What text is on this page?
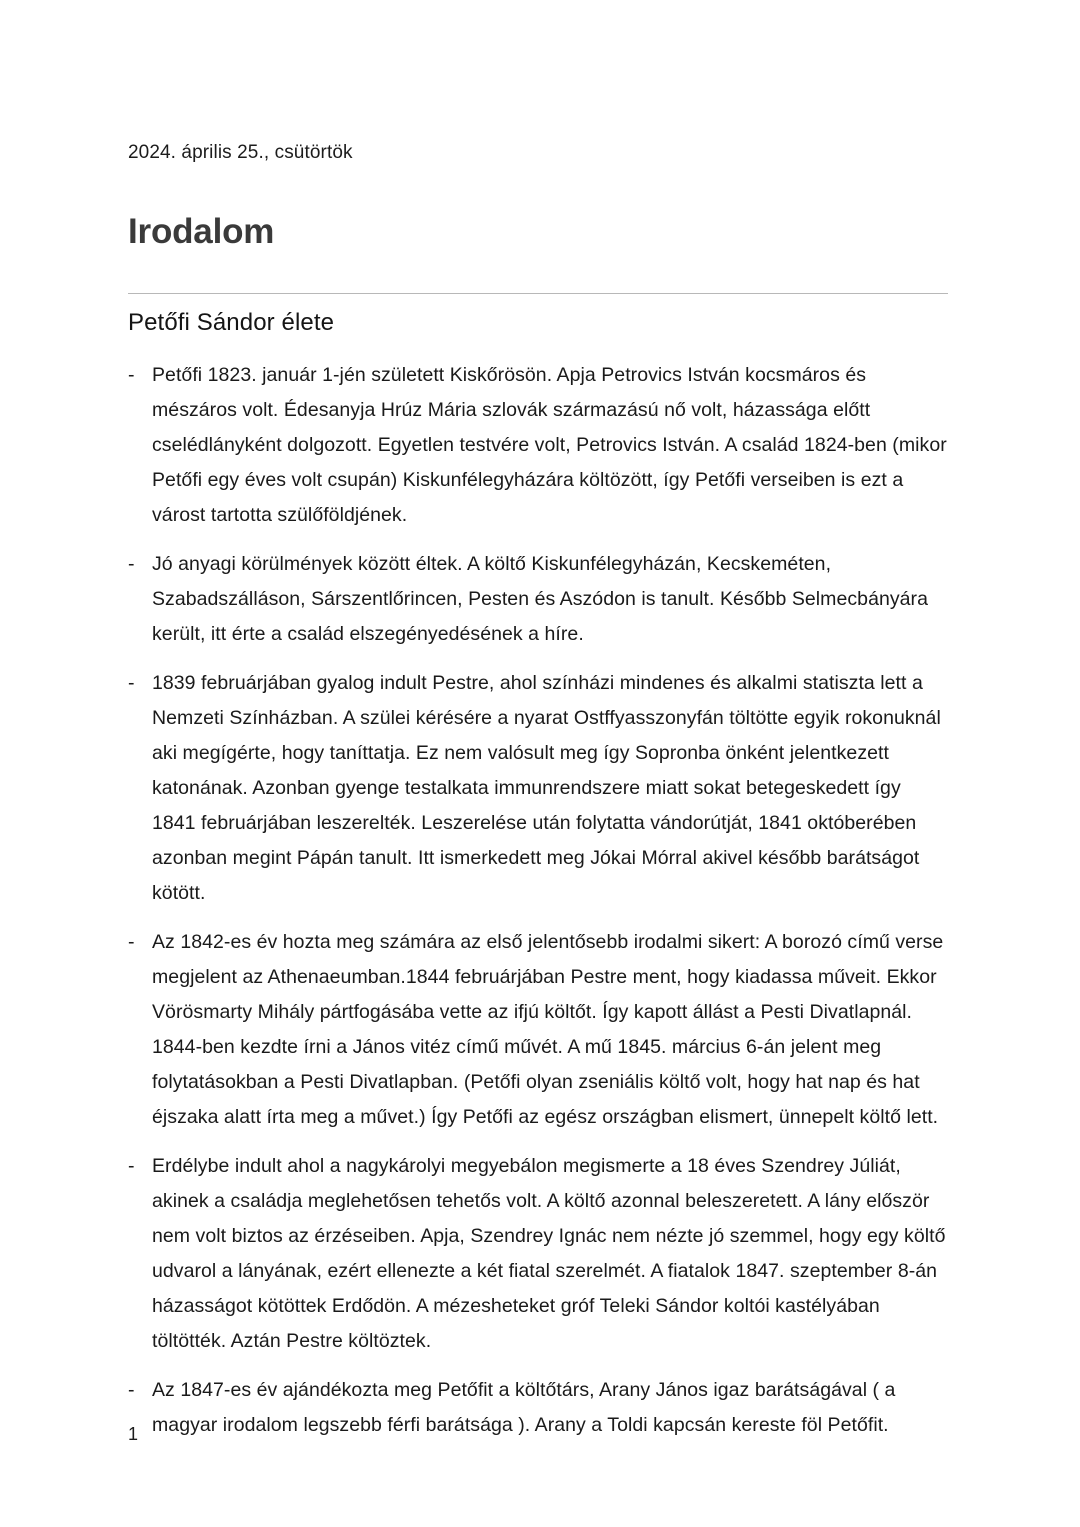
2024. április 25., csütörtök
Irodalom
Petőfi Sándor élete
- Petőfi 1823. január 1-jén született Kiskőrösön. Apja Petrovics István kocsmáros és mészáros volt. Édesanyja Hrúz Mária szlovák származású nő volt, házassága előtt cselédlányként dolgozott. Egyetlen testvére volt, Petrovics István. A család 1824-ben (mikor Petőfi egy éves volt csupán) Kiskunfélegyházára költözött, így Petőfi verseiben is ezt a várost tartotta szülőföldjének.
- Jó anyagi körülmények között éltek. A költő Kiskunfélegyházán, Kecskeméten, Szabadszálláson, Sárszentlőrincen, Pesten és Aszódon is tanult. Később Selmecbányára került, itt érte a család elszegényedésének a híre.
- 1839 februárjában gyalog indult Pestre, ahol színházi mindenes és alkalmi statiszta lett a Nemzeti Színházban. A szülei kérésére a nyarat Ostffyasszonyfán töltötte egyik rokonuknál aki megígérte, hogy taníttatja. Ez nem valósult meg így Sopronba önként jelentkezett katonának. Azonban gyenge testalkata immunrendszere miatt sokat betegeskedett így 1841 februárjában leszerelték. Leszerelése után folytatta vándorútját, 1841 októberében azonban megint Pápán tanult. Itt ismerkedett meg Jókai Mórral akivel később barátságot kötött.
- Az 1842-es év hozta meg számára az első jelentősebb irodalmi sikert: A borozó című verse megjelent az Athenaeumban.1844 februárjában Pestre ment, hogy kiadassa műveit. Ekkor Vörösmarty Mihály pártfogásába vette az ifjú költőt. Így kapott állást a Pesti Divatlapnál. 1844-ben kezdte írni a János vitéz című művét. A mű 1845. március 6-án jelent meg folytatásokban a Pesti Divatlapban. (Petőfi olyan zseniális költő volt, hogy hat nap és hat éjszaka alatt írta meg a művet.) Így Petőfi az egész országban elismert, ünnepelt költő lett.
- Erdélybe indult ahol a nagykárolyi megyebálon megismerte a 18 éves Szendrey Júliát, akinek a családja meglehetősen tehetős volt. A költő azonnal beleszeretett. A lány először nem volt biztos az érzéseiben. Apja, Szendrey Ignác nem nézte jó szemmel, hogy egy költő udvarol a lányának, ezért ellenezte a két fiatal szerelmét. A fiatalok 1847. szeptember 8-án házasságot kötöttek Erdődön. A mézesheteket gróf Teleki Sándor koltói kastélyában töltötték. Aztán Pestre költöztek.
- Az 1847-es év ajándékozta meg Petőfit a költőtárs, Arany János igaz barátságával ( a magyar irodalom legszebb férfi barátsága ). Arany a Toldi kapcsán kereste föl Petőfit.
1
